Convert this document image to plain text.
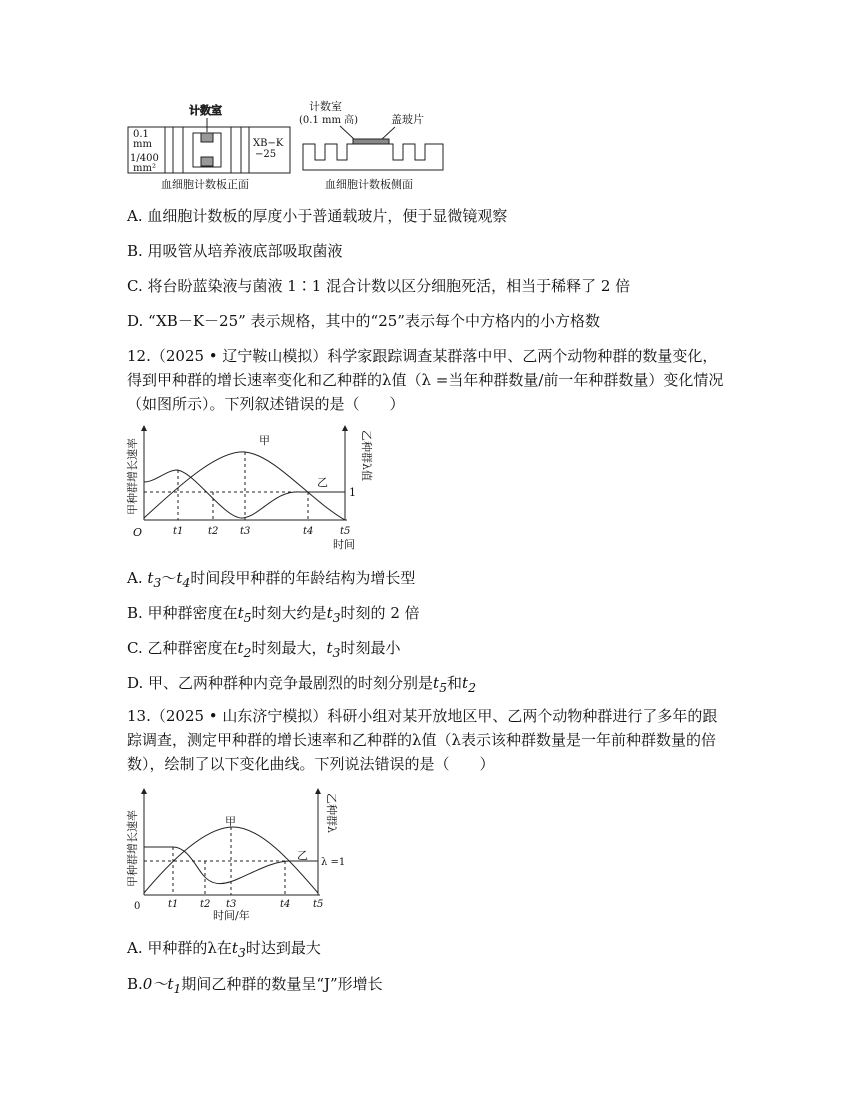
计数室
0.1
mm
1/400
mm²
XB−K
−25
血细胞计数板正面
计数室
(0.1 mm 高)	盖玻片
血细胞计数板侧面
A. 血细胞计数板的厚度小于普通载玻片，便于显微镜观察
B. 用吸管从培养液底部吸取菌液
C. 将台盼蓝染液与菌液 1∶1 混合计数以区分细胞死活，相当于稀释了 2 倍
D. “XB－K－25” 表示规格，其中的“25”表示每个中方格内的小方格数
12.（2025 • 辽宁鞍山模拟）科学家跟踪调查某群落中甲、乙两个动物种群的数量变化，得到甲种群的增长速率变化和乙种群的λ值（λ =当年种群数量/前一年种群数量）变化情况（如图所示）。下列叙述错误的是（　　）
甲
乙
1
O	t1 t2 t3	t4	t5
时间
甲种群增长速率	乙种群λ值
A. $t_3\sim t_4$时间段甲种群的年龄结构为增长型
B. 甲种群密度在$t_5$时刻大约是$t_3$时刻的 2 倍
C. 乙种群密度在$t_2$时刻最大，$t_3$时刻最小
D. 甲、乙两种群种内竞争最剧烈的时刻分别是$t_5$和$t_2$
13.（2025 • 山东济宁模拟）科研小组对某开放地区甲、乙两个动物种群进行了多年的跟踪调查，测定甲种群的增长速率和乙种群的λ值（λ表示该种群数量是一年前种群数量的倍数），绘制了以下变化曲线。下列说法错误的是（　　）
甲
乙
λ =1
0	t1 t2 t3	t4 t5
时间/年
甲种群增长速率	乙种群λ
A. 甲种群的λ在$t_3$时达到最大
$B.0\sim t_1$期间乙种群的数量呈“J”形增长
